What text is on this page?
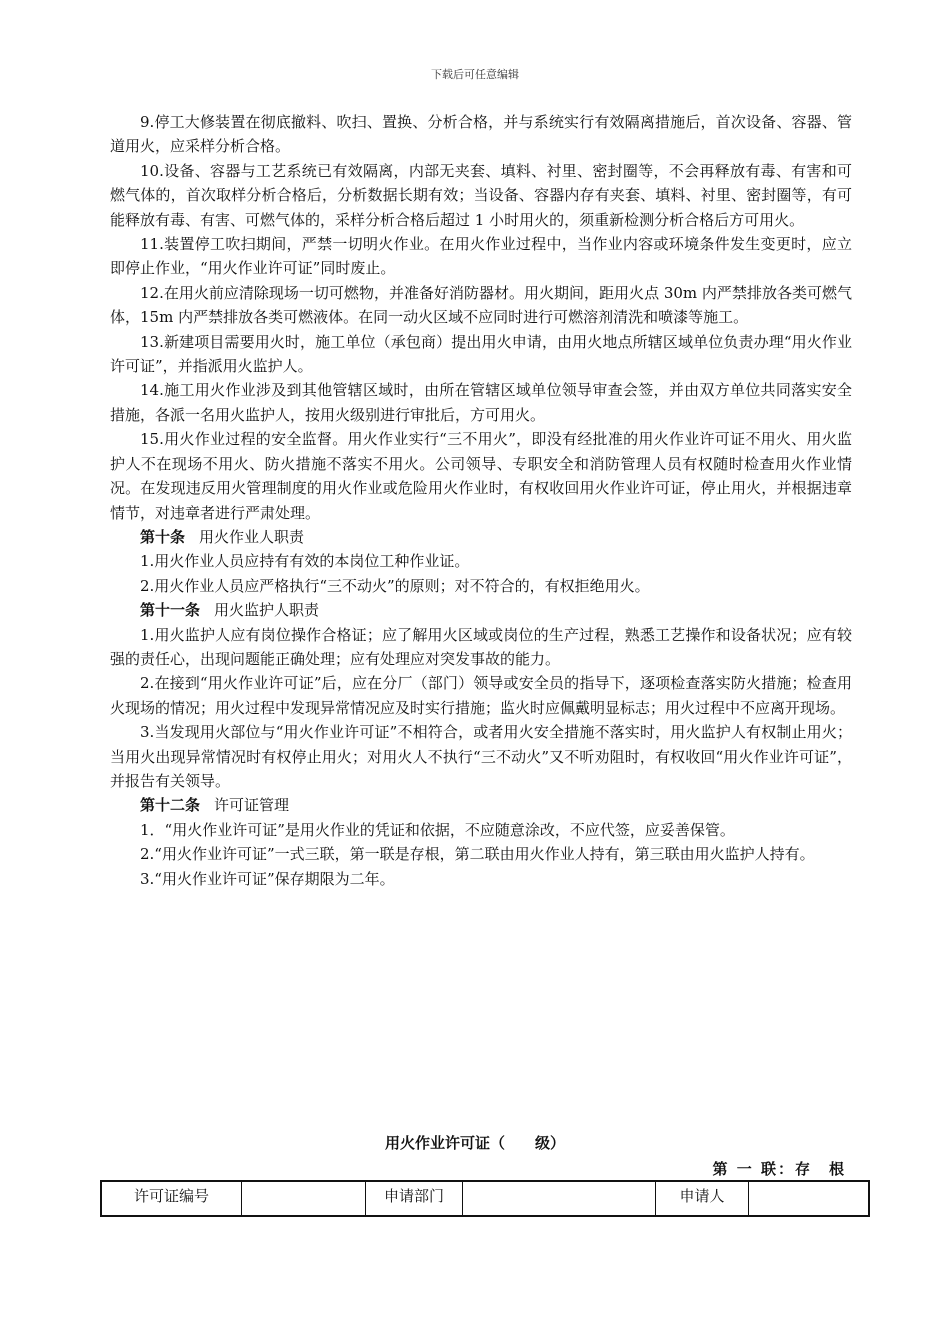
下载后可任意编辑

9.停工大修装置在彻底撤料、吹扫、置换、分析合格，并与系统实行有效隔离措施后，首次设备、容器、管道用火，应采样分析合格。

10.设备、容器与工艺系统已有效隔离，内部无夹套、填料、衬里、密封圈等，不会再释放有毒、有害和可燃气体的，首次取样分析合格后，分析数据长期有效；当设备、容器内存有夹套、填料、衬里、密封圈等，有可能释放有毒、有害、可燃气体的，采样分析合格后超过 1 小时用火的，须重新检测分析合格后方可用火。

11.装置停工吹扫期间，严禁一切明火作业。在用火作业过程中，当作业内容或环境条件发生变更时，应立即停止作业，“用火作业许可证”同时废止。

12.在用火前应清除现场一切可燃物，并准备好消防器材。用火期间，距用火点 30m 内严禁排放各类可燃气体，15m 内严禁排放各类可燃液体。在同一动火区域不应同时进行可燃溶剂清洗和喷漆等施工。

13.新建项目需要用火时，施工单位（承包商）提出用火申请，由用火地点所辖区域单位负责办理“用火作业许可证”，并指派用火监护人。

14.施工用火作业涉及到其他管辖区域时，由所在管辖区域单位领导审查会签，并由双方单位共同落实安全措施，各派一名用火监护人，按用火级别进行审批后，方可用火。

15.用火作业过程的安全监督。用火作业实行“三不用火”，即没有经批准的用火作业许可证不用火、用火监护人不在现场不用火、防火措施不落实不用火。公司领导、专职安全和消防管理人员有权随时检查用火作业情况。在发现违反用火管理制度的用火作业或危险用火作业时，有权收回用火作业许可证，停止用火，并根据违章情节，对违章者进行严肃处理。

第十条 用火作业人职责

1.用火作业人员应持有有效的本岗位工种作业证。

2.用火作业人员应严格执行“三不动火”的原则；对不符合的，有权拒绝用火。

第十一条 用火监护人职责

1.用火监护人应有岗位操作合格证；应了解用火区域或岗位的生产过程，熟悉工艺操作和设备状况；应有较强的责任心，出现问题能正确处理；应有处理应对突发事故的能力。

2.在接到“用火作业许可证”后，应在分厂（部门）领导或安全员的指导下，逐项检查落实防火措施；检查用火现场的情况；用火过程中发现异常情况应及时实行措施；监火时应佩戴明显标志；用火过程中不应离开现场。

3.当发现用火部位与“用火作业许可证”不相符合，或者用火安全措施不落实时，用火监护人有权制止用火；当用火出现异常情况时有权停止用火；对用火人不执行“三不动火”又不听劝阻时，有权收回“用火作业许可证”，并报告有关领导。

第十二条 许可证管理

1．“用火作业许可证”是用火作业的凭证和依据，不应随意涂改，不应代签，应妥善保管。

2.“用火作业许可证”一式三联，第一联是存根，第二联由用火作业人持有，第三联由用火监护人持有。

3.“用火作业许可证”保存期限为二年。

用火作业许可证（　　级）
第 一 联：存　根
许可证编号		申请部门		申请人	
